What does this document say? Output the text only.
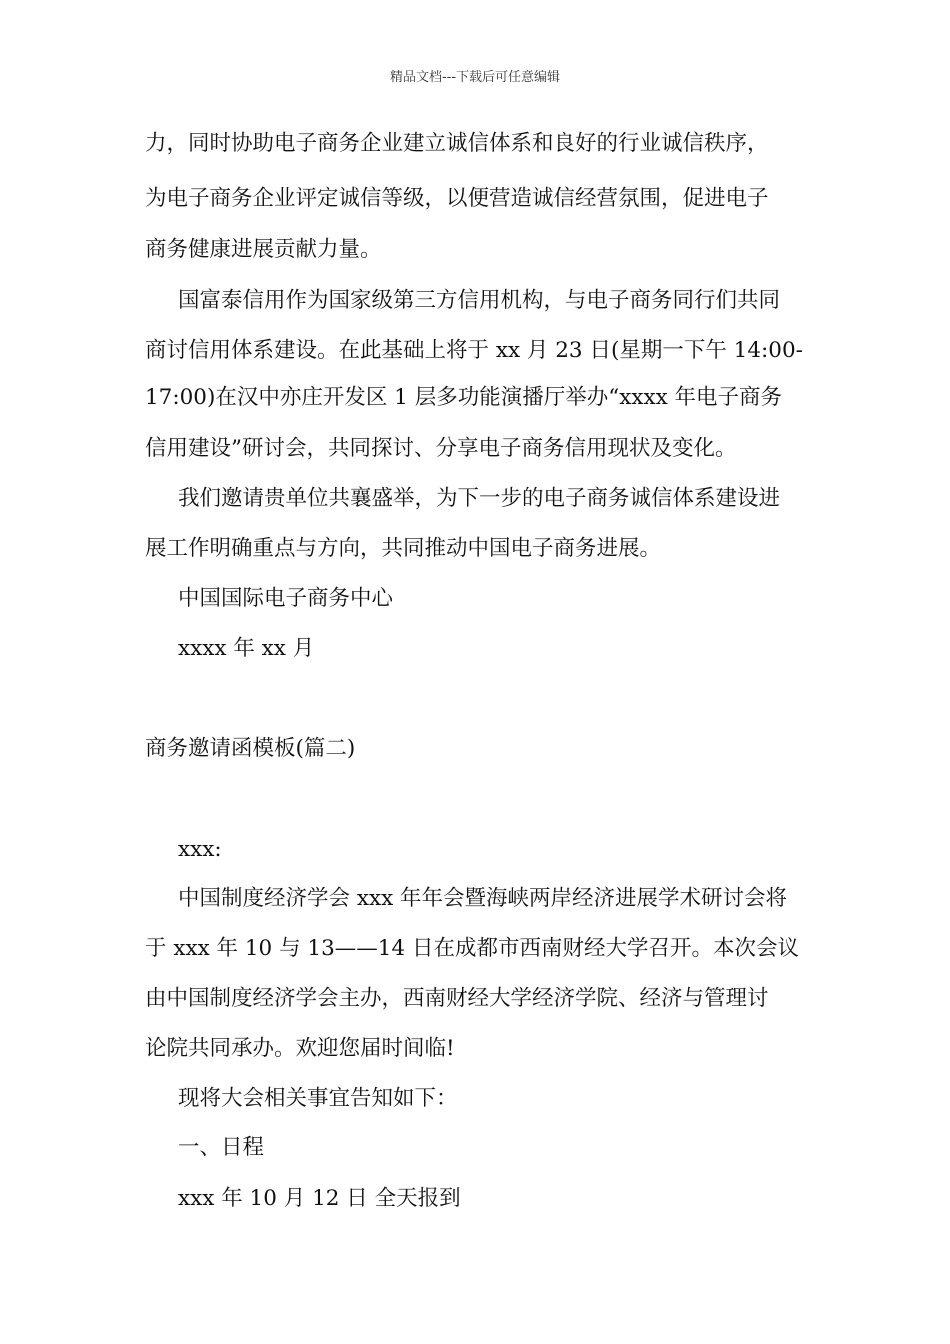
精品文档---下载后可任意编辑
力，同时协助电子商务企业建立诚信体系和良好的行业诚信秩序，
为电子商务企业评定诚信等级，以便营造诚信经营氛围，促进电子
商务健康进展贡献力量。
国富泰信用作为国家级第三方信用机构，与电子商务同行们共同
商讨信用体系建设。在此基础上将于 xx 月 23 日(星期一下午 14:00-
17:00)在汉中亦庄开发区 1 层多功能演播厅举办“xxxx 年电子商务
信用建设”研讨会，共同探讨、分享电子商务信用现状及变化。
我们邀请贵单位共襄盛举，为下一步的电子商务诚信体系建设进
展工作明确重点与方向，共同推动中国电子商务进展。
中国国际电子商务中心
xxxx 年 xx 月
商务邀请函模板(篇二)
xxx:
中国制度经济学会 xxx 年年会暨海峡两岸经济进展学术研讨会将
于 xxx 年 10 与 13——14 日在成都市西南财经大学召开。本次会议
由中国制度经济学会主办，西南财经大学经济学院、经济与管理讨
论院共同承办。欢迎您届时间临!
现将大会相关事宜告知如下：
一、日程
xxx 年 10 月 12 日 全天报到
